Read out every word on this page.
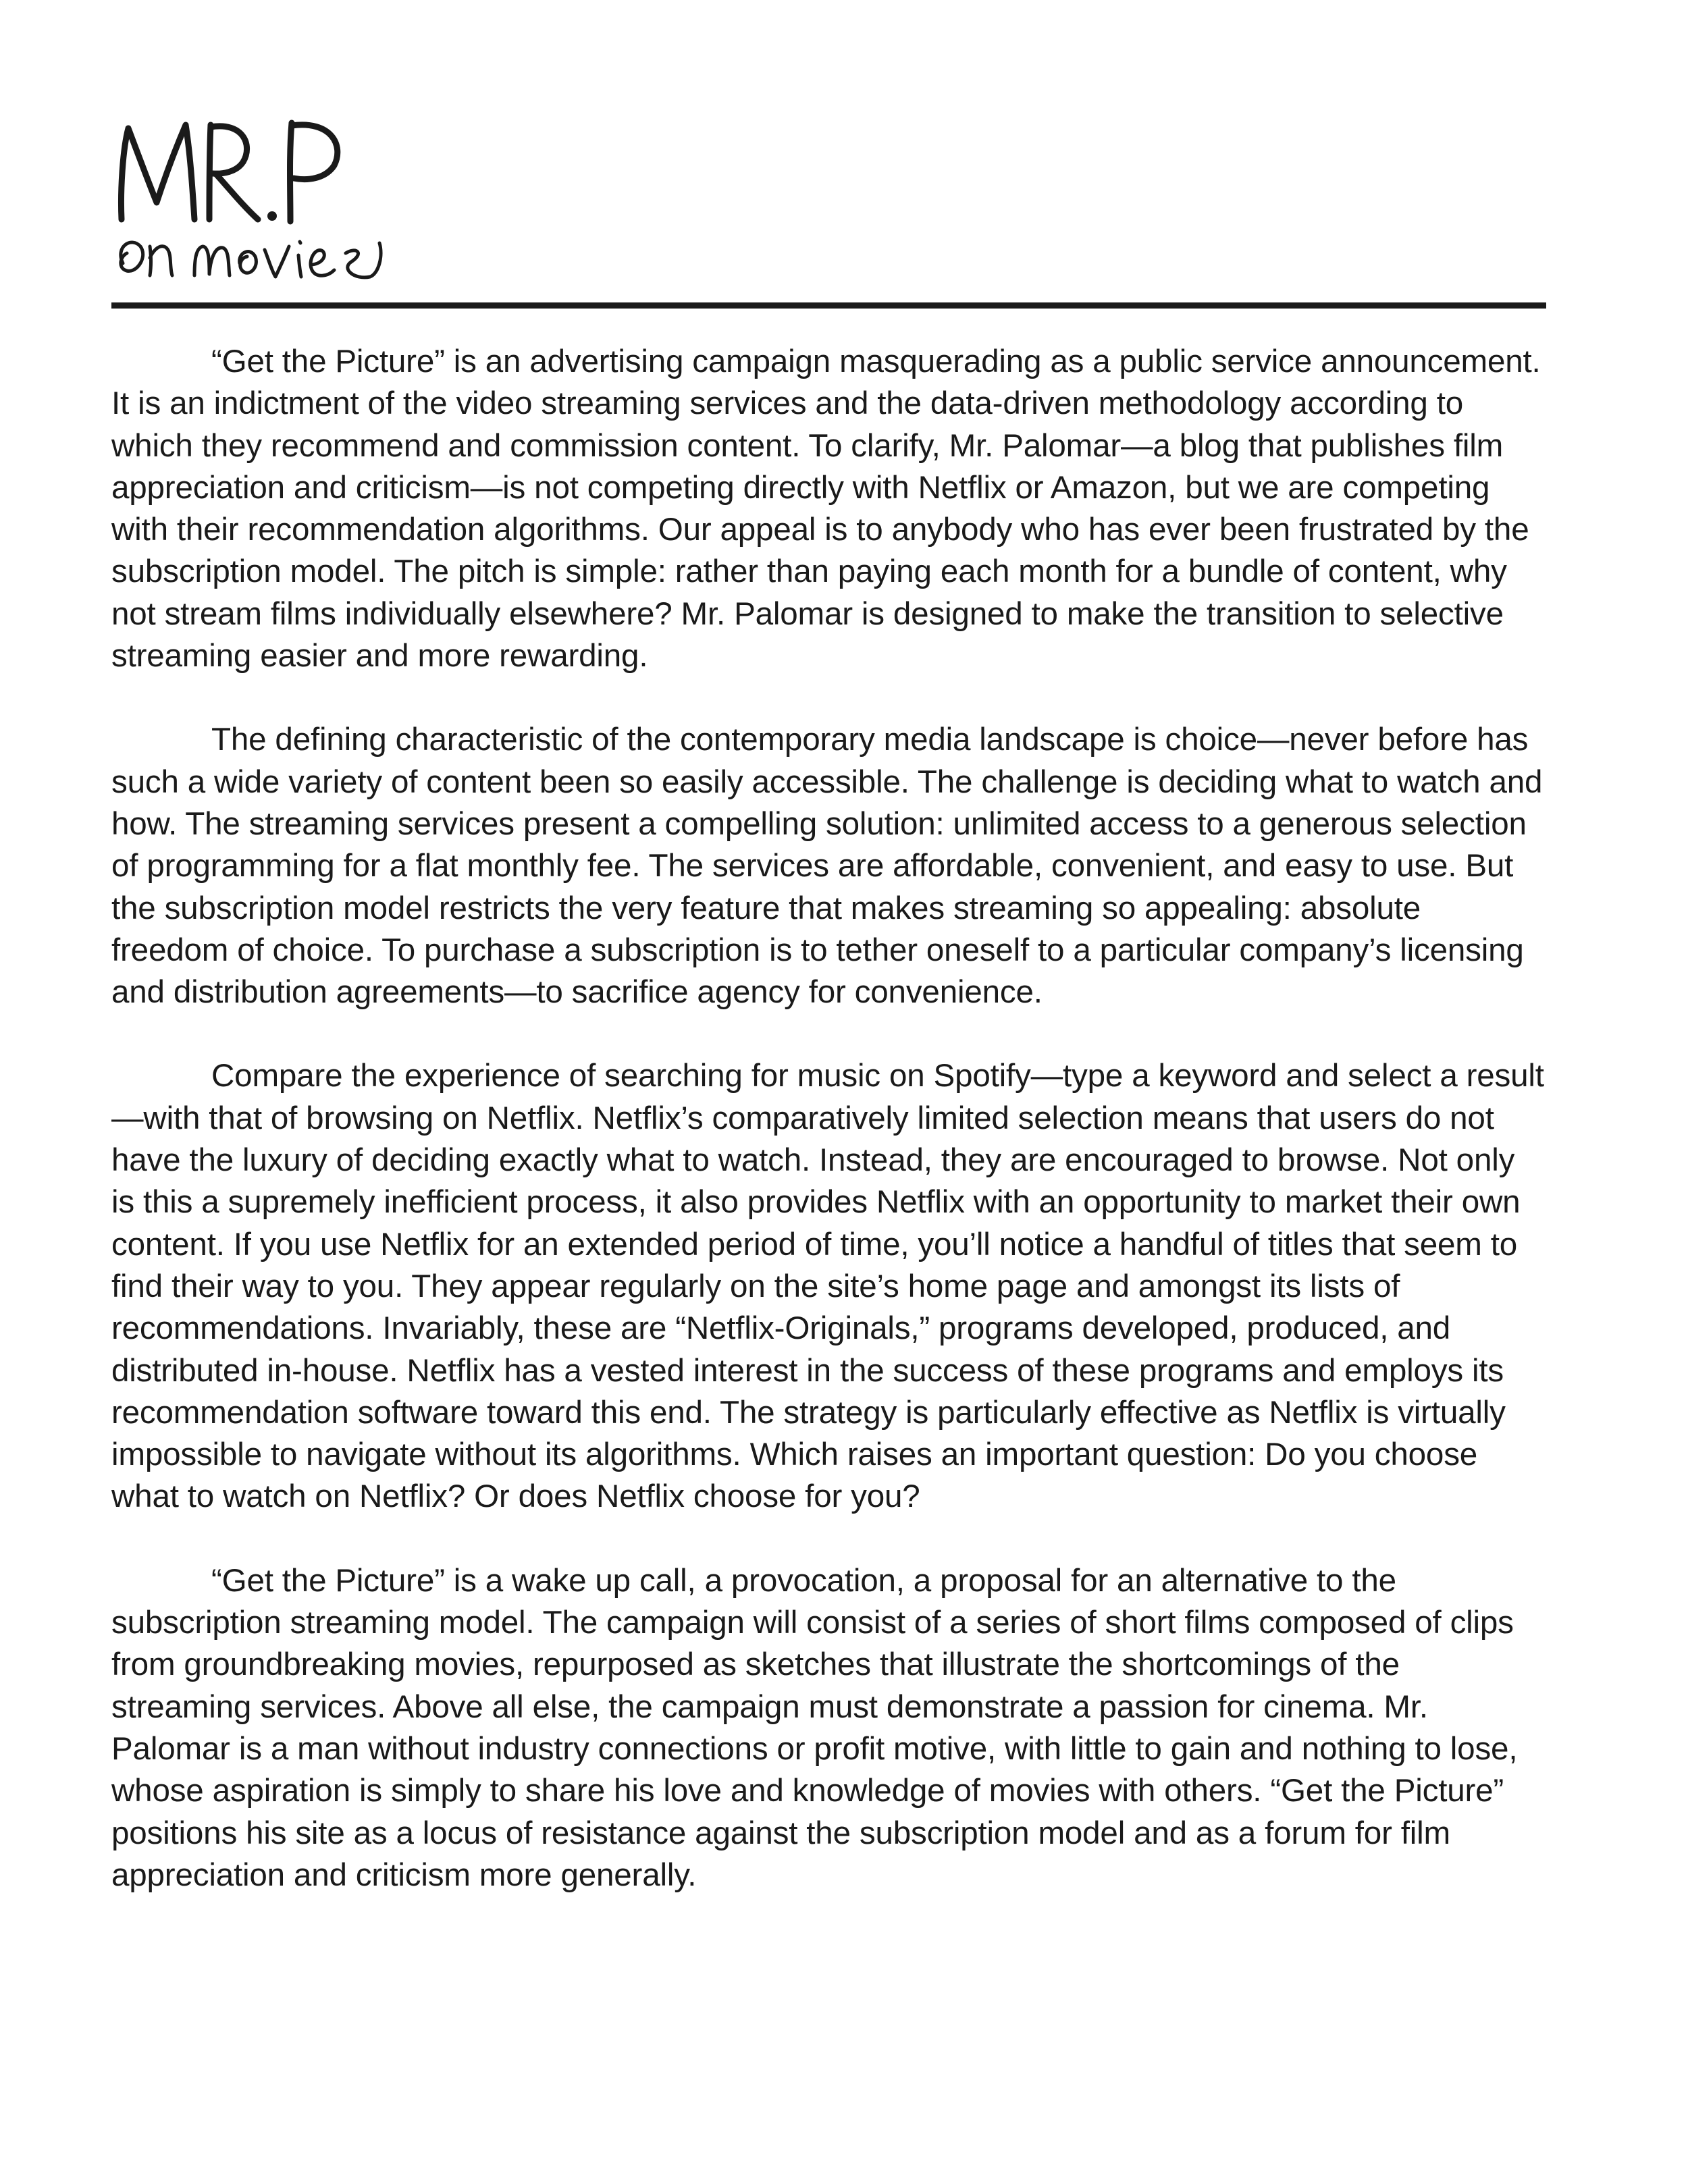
“Get the Picture” is an advertising campaign masquerading as a public service announcement. It is an indictment of the video streaming services and the data-driven methodology according to which they recommend and commission content. To clarify, Mr. Palomar—a blog that publishes film appreciation and criticism—is not competing directly with Netflix or Amazon, but we are competing with their recommendation algorithms. Our appeal is to anybody who has ever been frustrated by the subscription model. The pitch is simple: rather than paying each month for a bundle of content, why not stream films individually elsewhere? Mr. Palomar is designed to make the transition to selective streaming easier and more rewarding.

The defining characteristic of the contemporary media landscape is choice—never before has such a wide variety of content been so easily accessible. The challenge is deciding what to watch and how. The streaming services present a compelling solution: unlimited access to a generous selection of programming for a flat monthly fee. The services are affordable, convenient, and easy to use. But the subscription model restricts the very feature that makes streaming so appealing: absolute freedom of choice. To purchase a subscription is to tether oneself to a particular company’s licensing and distribution agreements—to sacrifice agency for convenience.

Compare the experience of searching for music on Spotify—type a keyword and select a result—with that of browsing on Netflix. Netflix’s comparatively limited selection means that users do not have the luxury of deciding exactly what to watch. Instead, they are encouraged to browse. Not only is this a supremely inefficient process, it also provides Netflix with an opportunity to market their own content. If you use Netflix for an extended period of time, you’ll notice a handful of titles that seem to find their way to you. They appear regularly on the site’s home page and amongst its lists of recommendations. Invariably, these are “Netflix-Originals,” programs developed, produced, and distributed in-house. Netflix has a vested interest in the success of these programs and employs its recommendation software toward this end. The strategy is particularly effective as Netflix is virtually impossible to navigate without its algorithms. Which raises an important question: Do you choose what to watch on Netflix? Or does Netflix choose for you?

“Get the Picture” is a wake up call, a provocation, a proposal for an alternative to the subscription streaming model. The campaign will consist of a series of short films composed of clips from groundbreaking movies, repurposed as sketches that illustrate the shortcomings of the streaming services. Above all else, the campaign must demonstrate a passion for cinema. Mr. Palomar is a man without industry connections or profit motive, with little to gain and nothing to lose, whose aspiration is simply to share his love and knowledge of movies with others. “Get the Picture” positions his site as a locus of resistance against the subscription model and as a forum for film appreciation and criticism more generally.
